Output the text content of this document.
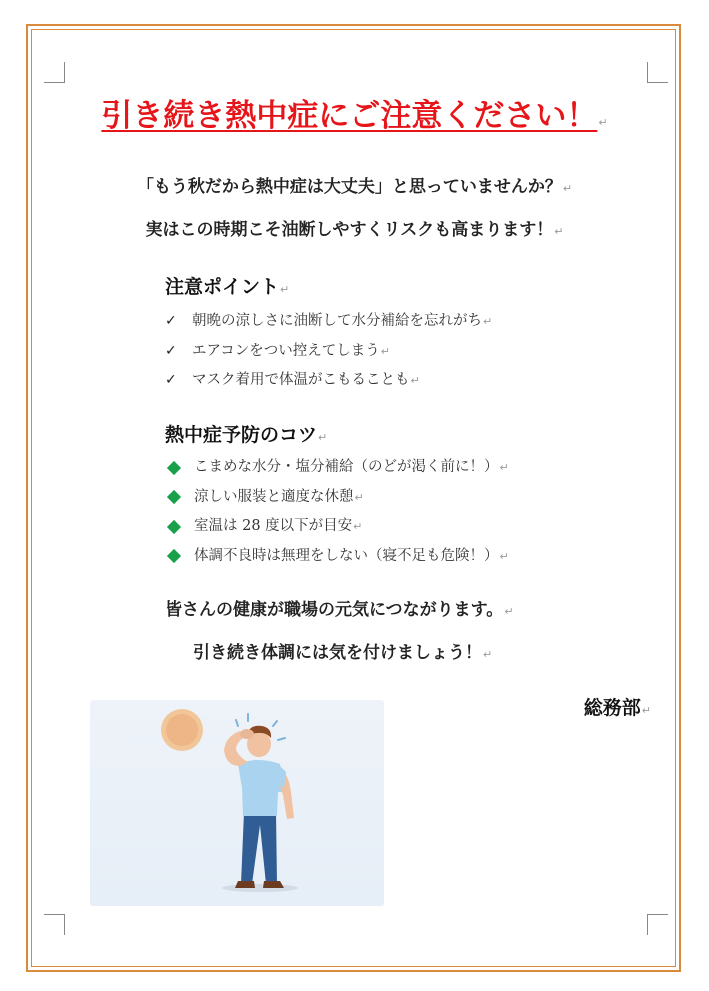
引き続き熱中症にご注意ください！ ↵
「もう秋だから熱中症は大丈夫」と思っていませんか？ ↵
実はこの時期こそ油断しやすくリスクも高まります！ ↵
注意ポイント ↵
✓	朝晩の涼しさに油断して水分補給を忘れがち
↵
✓	エアコンをつい控えてしまう
↵
✓	マスク着用で体温がこもることも
↵
熱中症予防のコツ ↵
こまめな水分・塩分補給（のどが渇く前に！）
↵
涼しい服装と適度な休憩
↵
室温は 28 度以下が目安
↵
体調不良時は無理をしない（寝不足も危険！）
↵
皆さんの健康が職場の元気につながります。 ↵
引き続き体調には気を付けましょう！ ↵
総務部 ↵
